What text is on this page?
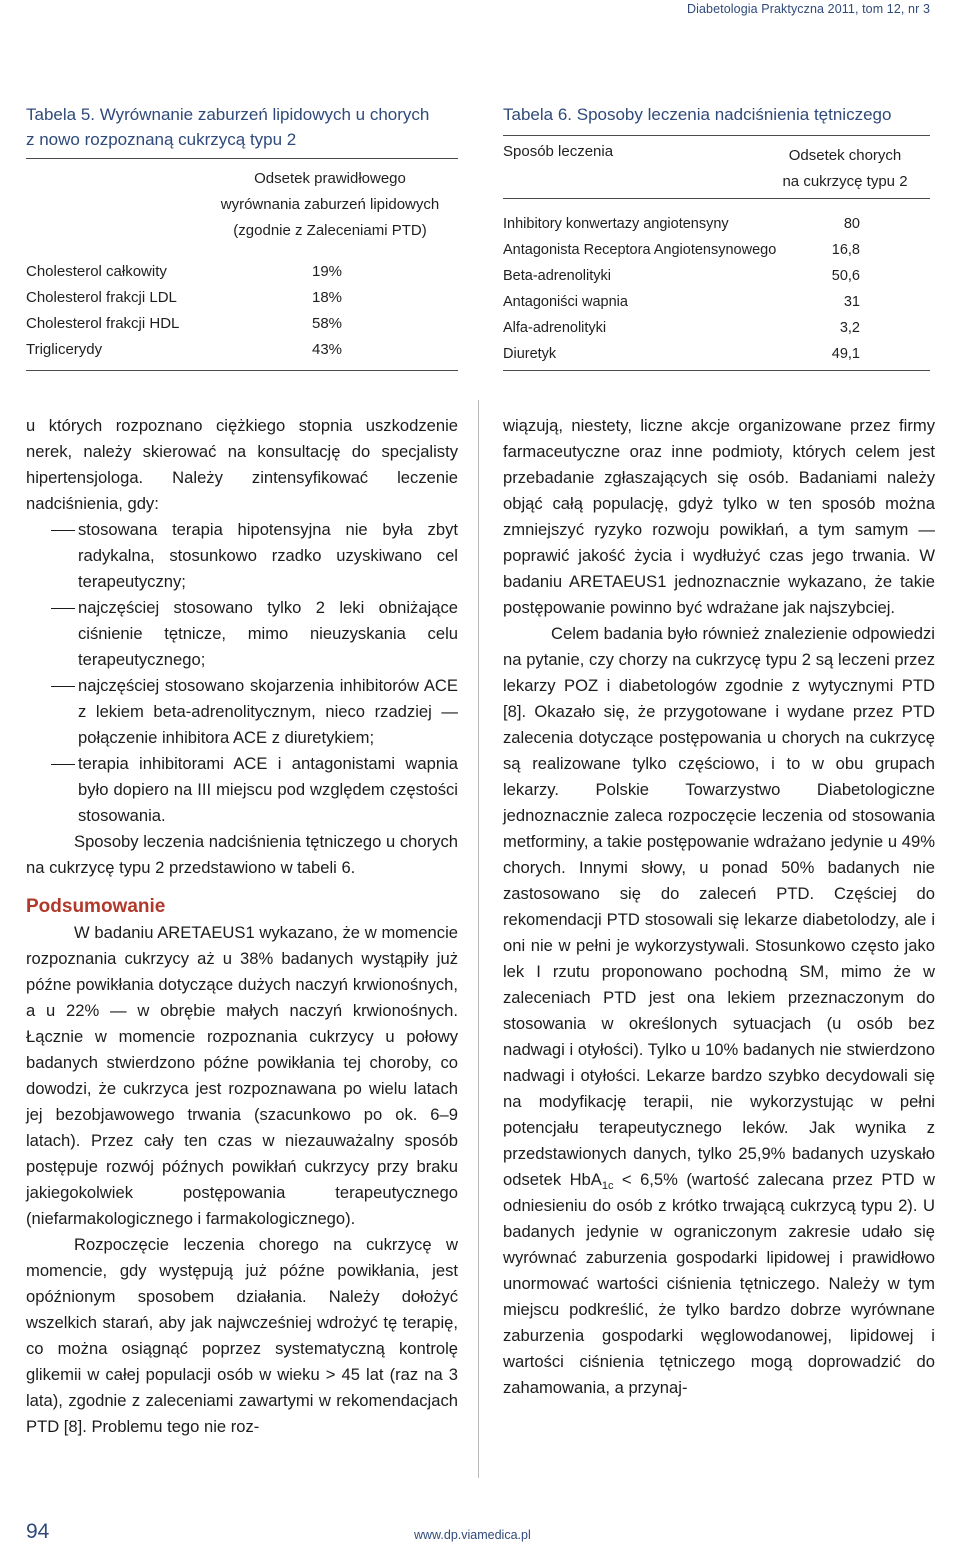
Diabetologia Praktyczna 2011, tom 12, nr 3
Tabela 5. Wyrównanie zaburzeń lipidowych u chorych
z nowo rozpoznaną cukrzycą typu 2
Odsetek prawidłowego
wyrównania zaburzeń lipidowych
(zgodnie z Zaleceniami PTD)
Cholesterol całkowity	19%
Cholesterol frakcji LDL	18%
Cholesterol frakcji HDL	58%
Triglicerydy	43%
Tabela 6. Sposoby leczenia nadciśnienia tętniczego
Sposób leczenia	Odsetek chorych
na cukrzycę typu 2
Inhibitory konwertazy angiotensyny	80
Antagonista Receptora Angiotensynowego	16,8
Beta-adrenolityki	50,6
Antagoniści wapnia	31
Alfa-adrenolityki	3,2
Diuretyk	49,1

u których rozpoznano ciężkiego stopnia uszkodzenie nerek, należy skierować na konsultację do specjalisty hipertensjologa. Należy zintensyfikować leczenie nadciśnienia, gdy:

stosowana terapia hipotensyjna nie była zbyt radykalna, stosunkowo rzadko uzyskiwano cel terapeutyczny;
najczęściej stosowano tylko 2 leki obniżające ciśnienie tętnicze, mimo nieuzyskania celu terapeutycznego;
najczęściej stosowano skojarzenia inhibitorów ACE z lekiem beta-adrenolitycznym, nieco rzadziej — połączenie inhibitora ACE z diuretykiem;
terapia inhibitorami ACE i antagonistami wapnia było dopiero na III miejscu pod względem częstości stosowania.

Sposoby leczenia nadciśnienia tętniczego u chorych na cukrzycę typu 2 przedstawiono w tabeli 6.

Podsumowanie

W badaniu ARETAEUS1 wykazano, że w momencie rozpoznania cukrzycy aż u 38% badanych wystąpiły już późne powikłania dotyczące dużych naczyń krwionośnych, a u 22% — w obrębie małych naczyń krwionośnych. Łącznie w momencie rozpoznania cukrzycy u połowy badanych stwierdzono późne powikłania tej choroby, co dowodzi, że cukrzyca jest rozpoznawana po wielu latach jej bezobjawowego trwania (szacunkowo po ok. 6–9 latach). Przez cały ten czas w niezauważalny sposób postępuje rozwój późnych powikłań cukrzycy przy braku jakiegokolwiek postępowania terapeutycznego (niefarmakologicznego i farmakologicznego).

Rozpoczęcie leczenia chorego na cukrzycę w momencie, gdy występują już późne powikłania, jest opóźnionym sposobem działania. Należy dołożyć wszelkich starań, aby jak najwcześniej wdrożyć tę terapię, co można osiągnąć poprzez systematyczną kontrolę glikemii w całej populacji osób w wieku > 45 lat (raz na 3 lata), zgodnie z zaleceniami zawartymi w rekomendacjach PTD [8]. Problemu tego nie roz-

wiązują, niestety, liczne akcje organizowane przez firmy farmaceutyczne oraz inne podmioty, których celem jest przebadanie zgłaszających się osób. Badaniami należy objąć całą populację, gdyż tylko w ten sposób można zmniejszyć ryzyko rozwoju powikłań, a tym samym — poprawić jakość życia i wydłużyć czas jego trwania. W badaniu ARETAEUS1 jednoznacznie wykazano, że takie postępowanie powinno być wdrażane jak najszybciej.

Celem badania było również znalezienie odpowiedzi na pytanie, czy chorzy na cukrzycę typu 2 są leczeni przez lekarzy POZ i diabetologów zgodnie z wytycznymi PTD [8]. Okazało się, że przygotowane i wydane przez PTD zalecenia dotyczące postępowania u chorych na cukrzycę są realizowane tylko częściowo, i to w obu grupach lekarzy. Polskie Towarzystwo Diabetologiczne jednoznacznie zaleca rozpoczęcie leczenia od stosowania metforminy, a takie postępowanie wdrażano jedynie u 49% chorych. Innymi słowy, u ponad 50% badanych nie zastosowano się do zaleceń PTD. Częściej do rekomendacji PTD stosowali się lekarze diabetolodzy, ale i oni nie w pełni je wykorzystywali. Stosunkowo często jako lek I rzutu proponowano pochodną SM, mimo że w zaleceniach PTD jest ona lekiem przeznaczonym do stosowania w określonych sytuacjach (u osób bez nadwagi i otyłości). Tylko u 10% badanych nie stwierdzono nadwagi i otyłości. Lekarze bardzo szybko decydowali się na modyfikację terapii, nie wykorzystując w pełni potencjału terapeutycznego leków. Jak wynika z przedstawionych danych, tylko 25,9% badanych uzyskało odsetek HbA$_{1c}$ < 6,5% (wartość zalecana przez PTD w odniesieniu do osób z krótko trwającą cukrzycą typu 2). U badanych jedynie w ograniczonym zakresie udało się wyrównać zaburzenia gospodarki lipidowej i prawidłowo unormować wartości ciśnienia tętniczego. Należy w tym miejscu podkreślić, że tylko bardzo dobrze wyrównane zaburzenia gospodarki węglowodanowej, lipidowej i wartości ciśnienia tętniczego mogą doprowadzić do zahamowania, a przynaj-

94	www.dp.viamedica.pl
